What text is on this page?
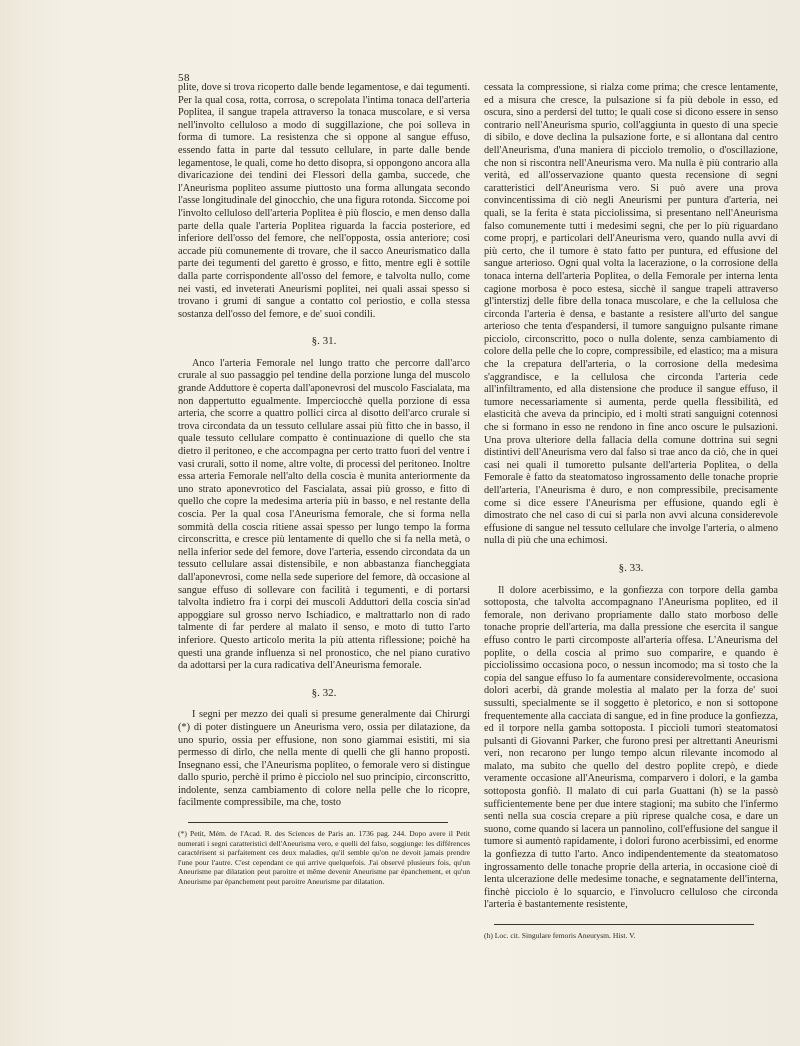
58

plite, dove si trova ricoperto dalle bende legamentose, e dai tegumenti. Per la qual cosa, rotta, corrosa, o screpolata l'intima tonaca dell'arteria Poplitea, il sangue trapela attraverso la tonaca muscolare, e si versa nell'involto celluloso a modo di suggillazione, che poi solleva in forma di tumore. La resistenza che si oppone al sangue effuso, essendo fatta in parte dal tessuto cellulare, in parte dalle bende legamentose, le quali, come ho detto disopra, si oppongono ancora alla divaricazione dei tendini dei Flessori della gamba, succede, che l'Aneurisma popliteo assume piuttosto una forma allungata secondo l'asse longitudinale del ginocchio, che una figura rotonda. Siccome poi l'involto celluloso dell'arteria Poplitea è più floscio, e men denso dalla parte della quale l'arteria Poplitea riguarda la faccia posteriore, ed inferiore dell'osso del femore, che nell'opposta, ossia anteriore; così accade più comunemente di trovare, che il sacco Aneurismatico dalla parte dei tegumenti del garetto è grosso, e fitto, mentre egli è sottile dalla parte corrispondente all'osso del femore, e talvolta nullo, come nei vasti, ed inveterati Aneurismi poplitei, nei quali assai spesso si trovano i grumi di sangue a contatto col periostio, e colla stessa sostanza dell'osso del femore, e de' suoi condili.

§. 31.

Anco l'arteria Femorale nel lungo tratto che percorre dall'arco crurale al suo passaggio pel tendine della porzione lunga del muscolo grande Adduttore è coperta dall'aponevrosi del muscolo Fascialata, ma non dappertutto egualmente. Imperciocchè quella porzione di essa arteria, che scorre a quattro pollici circa al disotto dell'arco crurale si trova circondata da un tessuto cellulare assai più fitto che in basso, il quale tessuto cellulare compatto è continuazione di quello che sta dietro il peritoneo, e che accompagna per certo tratto fuori del ventre i vasi crurali, sotto il nome, altre volte, di processi del peritoneo. Inoltre essa arteria Femorale nell'alto della coscia è munita anteriormente da uno strato aponevrotico del Fascialata, assai più grosso, e fitto di quello che copre la medesima arteria più in basso, e nel restante della coscia. Per la qual cosa l'Aneurisma femorale, che si forma nella sommità della coscia ritiene assai spesso per lungo tempo la forma circonscritta, e cresce più lentamente di quello che si fa nella metà, o nella inferior sede del femore, dove l'arteria, essendo circondata da un tessuto cellulare assai distensibile, e non abbastanza fiancheggiata dall'aponevrosi, come nella sede superiore del femore, dà occasione al sangue effuso di sollevare con facilità i tegumenti, e di portarsi talvolta indietro fra i corpi dei muscoli Adduttori della coscia sin'ad appoggiare sul grosso nervo Ischiadico, e maltrattarlo non di rado talmente di far perdere al malato il senso, e moto di tutto l'arto inferiore. Questo articolo merita la più attenta riflessione; poichè ha questi una grande influenza sì nel pronostico, che nel piano curativo da adottarsi per la cura radicativa dell'Aneurisma femorale.

§. 32.

I segni per mezzo dei quali si presume generalmente dai Chirurgi (*) di poter distinguere un Aneurisma vero, ossia per dilatazione, da uno spurio, ossia per effusione, non sono giammai esistiti, mi sia permesso di dirlo, che nella mente di quelli che gli hanno proposti. Insegnano essi, che l'Aneurisma popliteo, o femorale vero si distingue dallo spurio, perchè il primo è picciolo nel suo principio, circonscritto, indolente, senza cambiamento di colore nella pelle che lo ricopre, facilmente compressibile, ma che, tosto

(*) Petit, Mém. de l'Acad. R. des Sciences de Paris an. 1736 pag. 244. Dopo avere il Petit numerati i segni caratteristici dell'Aneurisma vero, e quelli del falso, soggiunge: les différences caractérisent si parfaitement ces deux maladies, qu'il semble qu'on ne devoit jamais prendre l'une pour l'autre. C'est cependant ce qui arrive quelquefois. J'ai observé plusieurs fois, qu'un Aneurisme par dilatation peut paroitre et même devenir Aneurisme par épanchement, et qu'un Aneurisme par épanchement peut paroitre Aneurisme par dilatation.

cessata la compressione, si rialza come prima; che cresce lentamente, ed a misura che cresce, la pulsazione si fa più debole in esso, ed oscura, sino a perdersi del tutto; le quali cose si dicono essere in senso contrario nell'Aneurisma spurio, coll'aggiunta in questo di una specie di sibilo, e dove declina la pulsazione forte, e si allontana dal centro dell'Aneurisma, d'una maniera di picciolo tremolio, o d'oscillazione, che non si riscontra nell'Aneurisma vero. Ma nulla è più contrario alla verità, ed all'osservazione quanto questa recensione di segni caratteristici dell'Aneurisma vero. Si può avere una prova convincentissima di ciò negli Aneurismi per puntura d'arteria, nei quali, se la ferita è stata picciolissima, si presentano nell'Aneurisma falso comunemente tutti i medesimi segni, che per lo più riguardano come proprj, e particolari dell'Aneurisma vero, quando nulla avvi di più certo, che il tumore è stato fatto per puntura, ed effusione del sangue arterioso. Ogni qual volta la lacerazione, o la corrosione della tonaca interna dell'arteria Poplitea, o della Femorale per interna lenta cagione morbosa è poco estesa, sicchè il sangue trapeli attraverso gl'interstizj delle fibre della tonaca muscolare, e che la cellulosa che circonda l'arteria è densa, e bastante a resistere all'urto del sangue arterioso che tenta d'espandersi, il tumore sanguigno pulsante rimane picciolo, circonscritto, poco o nulla dolente, senza cambiamento di colore della pelle che lo copre, compressibile, ed elastico; ma a misura che la crepatura dell'arteria, o la corrosione della medesima s'aggrandisce, e la cellulosa che circonda l'arteria cede all'infiltramento, ed alla distensione che produce il sangue effuso, il tumore necessariamente si aumenta, perde quella flessibilità, ed elasticità che aveva da principio, ed i molti strati sanguigni cotennosi che si formano in esso ne rendono in fine anco oscure le pulsazioni. Una prova ulteriore della fallacia della comune dottrina sui segni distintivi dell'Aneurisma vero dal falso si trae anco da ciò, che in quei casi nei quali il tumoretto pulsante dell'arteria Poplitea, o della Femorale è fatto da steatomatoso ingrossamento delle tonache proprie dell'arteria, l'Aneurisma è duro, e non compressibile, precisamente come si dice essere l'Aneurisma per effusione, quando egli è dimostrato che nel caso di cui si parla non avvi alcuna considerevole effusione di sangue nel tessuto cellulare che involge l'arteria, o almeno nulla di più che una echimosi.

§. 33.

Il dolore acerbissimo, e la gonfiezza con torpore della gamba sottoposta, che talvolta accompagnano l'Aneurisma popliteo, ed il femorale, non derivano propriamente dallo stato morboso delle tonache proprie dell'arteria, ma dalla pressione che esercita il sangue effuso contro le parti circomposte all'arteria offesa. L'Aneurisma del poplite, o della coscia al primo suo comparire, e quando è picciolissimo occasiona poco, o nessun incomodo; ma sì tosto che la copia del sangue effuso lo fa aumentare considerevolmente, occasiona dolori acerbi, dà grande molestia al malato per la forza de' suoi sussulti, specialmente se il soggetto è pletorico, e non si sottopone frequentemente alla cacciata di sangue, ed in fine produce la gonfiezza, ed il torpore nella gamba sottoposta. I piccioli tumori steatomatosi pulsanti di Giovanni Parker, che furono presi per altrettanti Aneurismi veri, non recarono per lungo tempo alcun rilevante incomodo al malato, ma subito che quello del destro poplite crepò, e diede veramente occasione all'Aneurisma, comparvero i dolori, e la gamba sottoposta gonfiò. Il malato di cui parla Guattani (h) se la passò sufficientemente bene per due intere stagioni; ma subito che l'infermo sentì nella sua coscia crepare a più riprese qualche cosa, e dare un suono, come quando si lacera un pannolino, coll'effusione del sangue il tumore si aumentò rapidamente, i dolori furono acerbissimi, ed enorme la gonfiezza di tutto l'arto. Anco indipendentemente da steatomatoso ingrossamento delle tonache proprie della arteria, in occasione cioè di lenta ulcerazione delle medesime tonache, e segnatamente dell'interna, finchè picciolo è lo squarcio, e l'involucro celluloso che circonda l'arteria è bastantemente resistente,

(h) Loc. cit. Singulare femoris Aneurysm. Hist. V.
